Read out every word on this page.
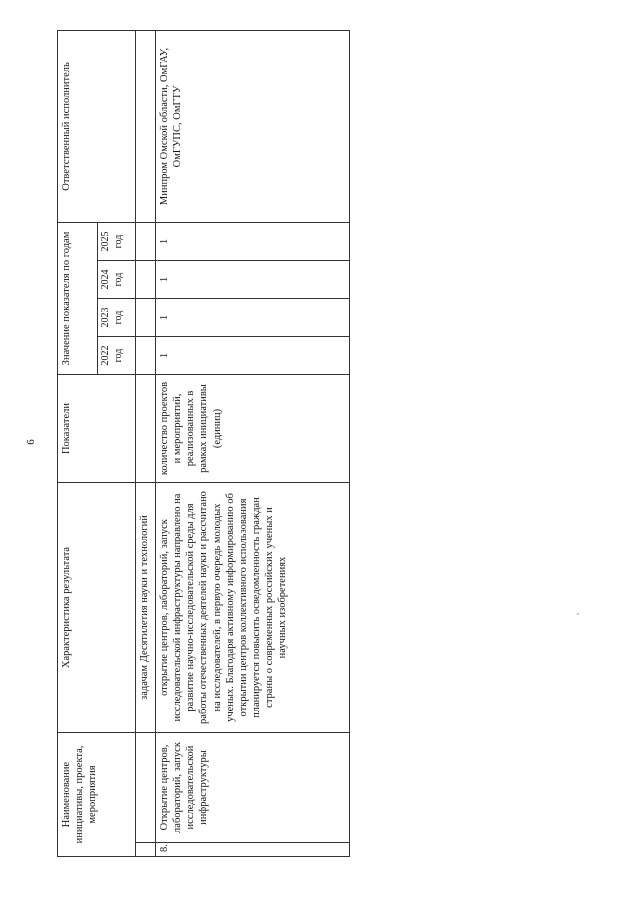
6
Наименование инициативы, проекта, мероприятия		Характеристика результата	Показатели	Значение показателя по годам				Ответственный исполнитель
				2022 год	2023 год	2024 год	2025 год	
		задачам Десятилетия науки и технологий						
8.	Открытие центров, лабораторий, запуск исследовательской инфраструктуры	открытие центров, лабораторий, запуск исследовательской инфраструктуры направлено на развитие научно-исследовательской среды для работы отечественных деятелей науки и рассчитано на исследователей, в первую очередь молодых ученых. Благодаря активному информированию об открытии центров коллективного использования планируется повысить осведомленность граждан страны о современных российских ученых и научных изобретениях	количество проектов и мероприятий, реализованных в рамках инициативы (единиц)	1	1	1	1	Минпром Омской области, ОмГАУ, ОмГУПС, ОмГТУ
